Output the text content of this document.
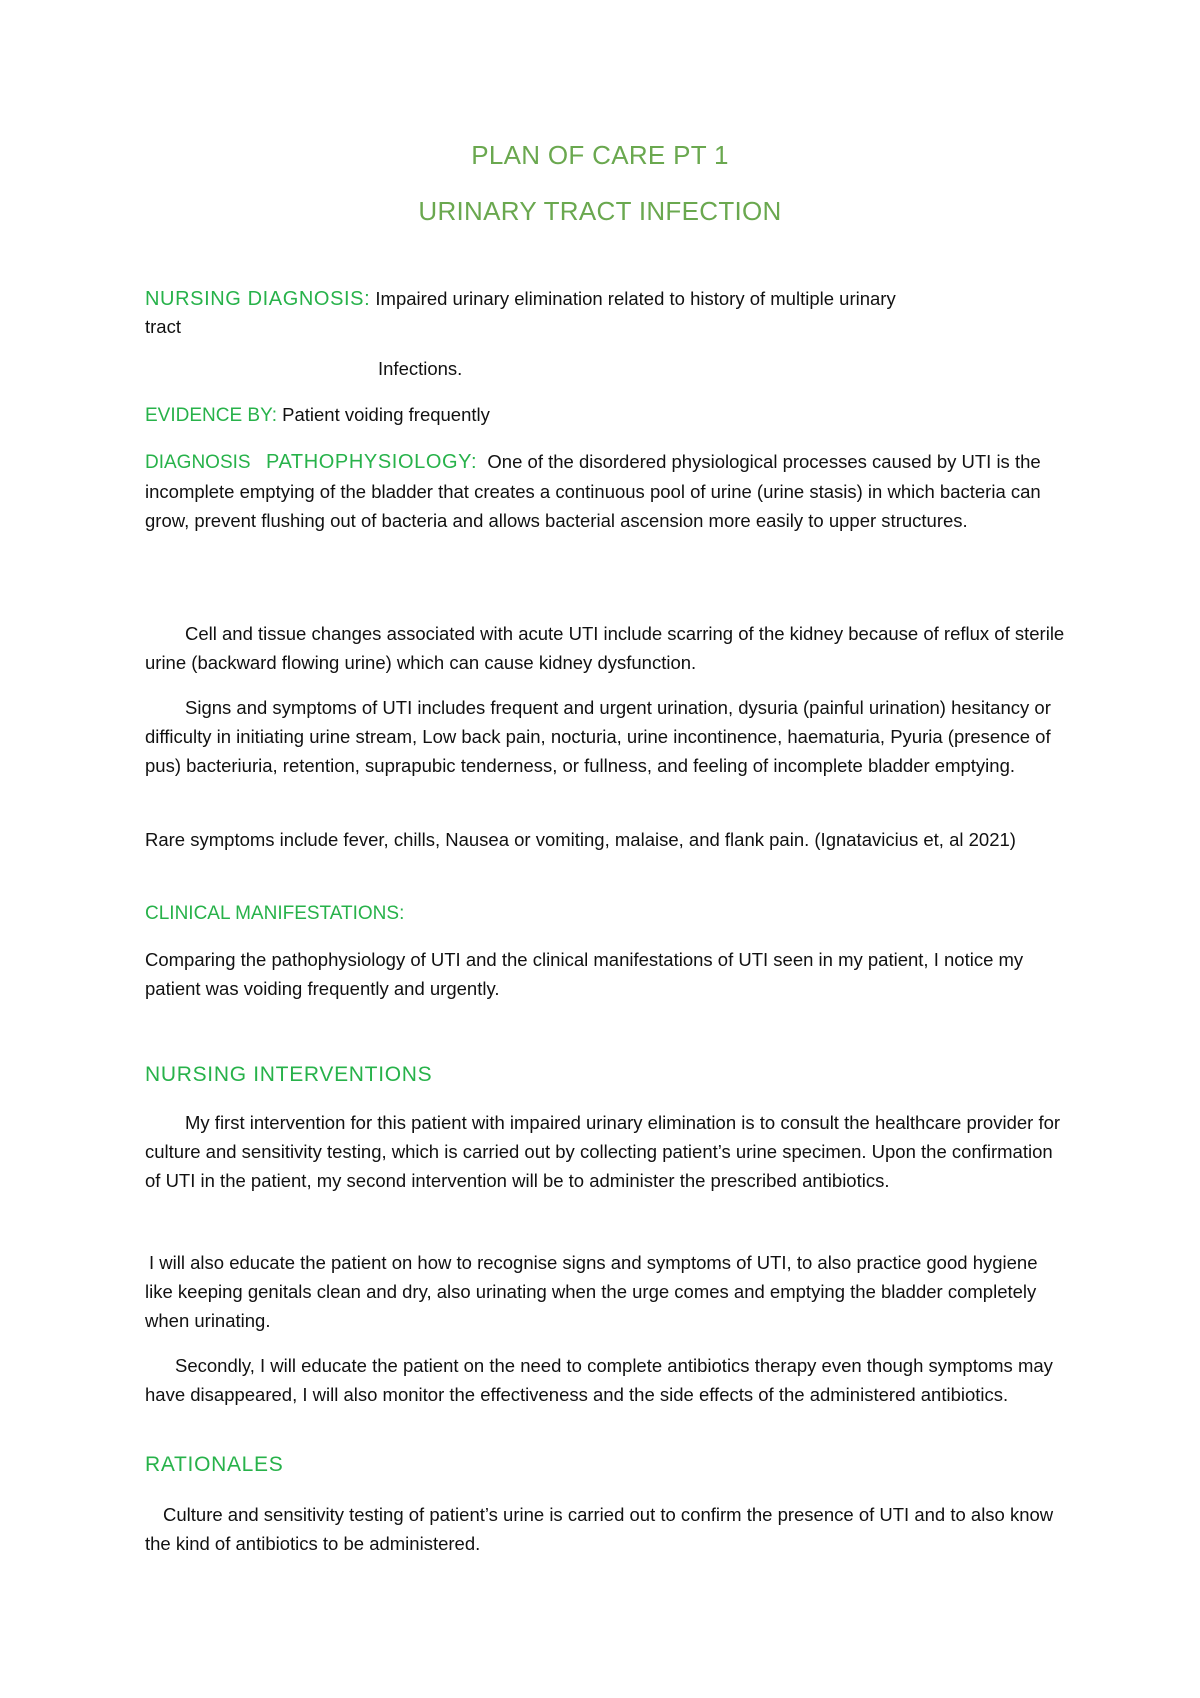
PLAN OF CARE PT 1
URINARY TRACT INFECTION

NURSING DIAGNOSIS: Impaired urinary elimination related to history of multiple urinary

tract

Infections.

EVIDENCE BY: Patient voiding frequently

DIAGNOSIS PATHOPHYSIOLOGY: One of the disordered physiological processes caused by UTI is the incomplete emptying of the bladder that creates a continuous pool of urine (urine stasis) in which bacteria can grow, prevent flushing out of bacteria and allows bacterial ascension more easily to upper structures.

Cell and tissue changes associated with acute UTI include scarring of the kidney because of reflux of sterile urine (backward flowing urine) which can cause kidney dysfunction.

Signs and symptoms of UTI includes frequent and urgent urination, dysuria (painful urination) hesitancy or difficulty in initiating urine stream, Low back pain, nocturia, urine incontinence, haematuria, Pyuria (presence of pus) bacteriuria, retention, suprapubic tenderness, or fullness, and feeling of incomplete bladder emptying.

Rare symptoms include fever, chills, Nausea or vomiting, malaise, and flank pain. (Ignatavicius et, al 2021)

CLINICAL MANIFESTATIONS:

Comparing the pathophysiology of UTI and the clinical manifestations of UTI seen in my patient, I notice my patient was voiding frequently and urgently.

NURSING INTERVENTIONS

My first intervention for this patient with impaired urinary elimination is to consult the healthcare provider for culture and sensitivity testing, which is carried out by collecting patient’s urine specimen. Upon the confirmation of UTI in the patient, my second intervention will be to administer the prescribed antibiotics.

I will also educate the patient on how to recognise signs and symptoms of UTI, to also practice good hygiene like keeping genitals clean and dry, also urinating when the urge comes and emptying the bladder completely when urinating.

Secondly, I will educate the patient on the need to complete antibiotics therapy even though symptoms may have disappeared, I will also monitor the effectiveness and the side effects of the administered antibiotics.

RATIONALES

Culture and sensitivity testing of patient’s urine is carried out to confirm the presence of UTI and to also know the kind of antibiotics to be administered.
